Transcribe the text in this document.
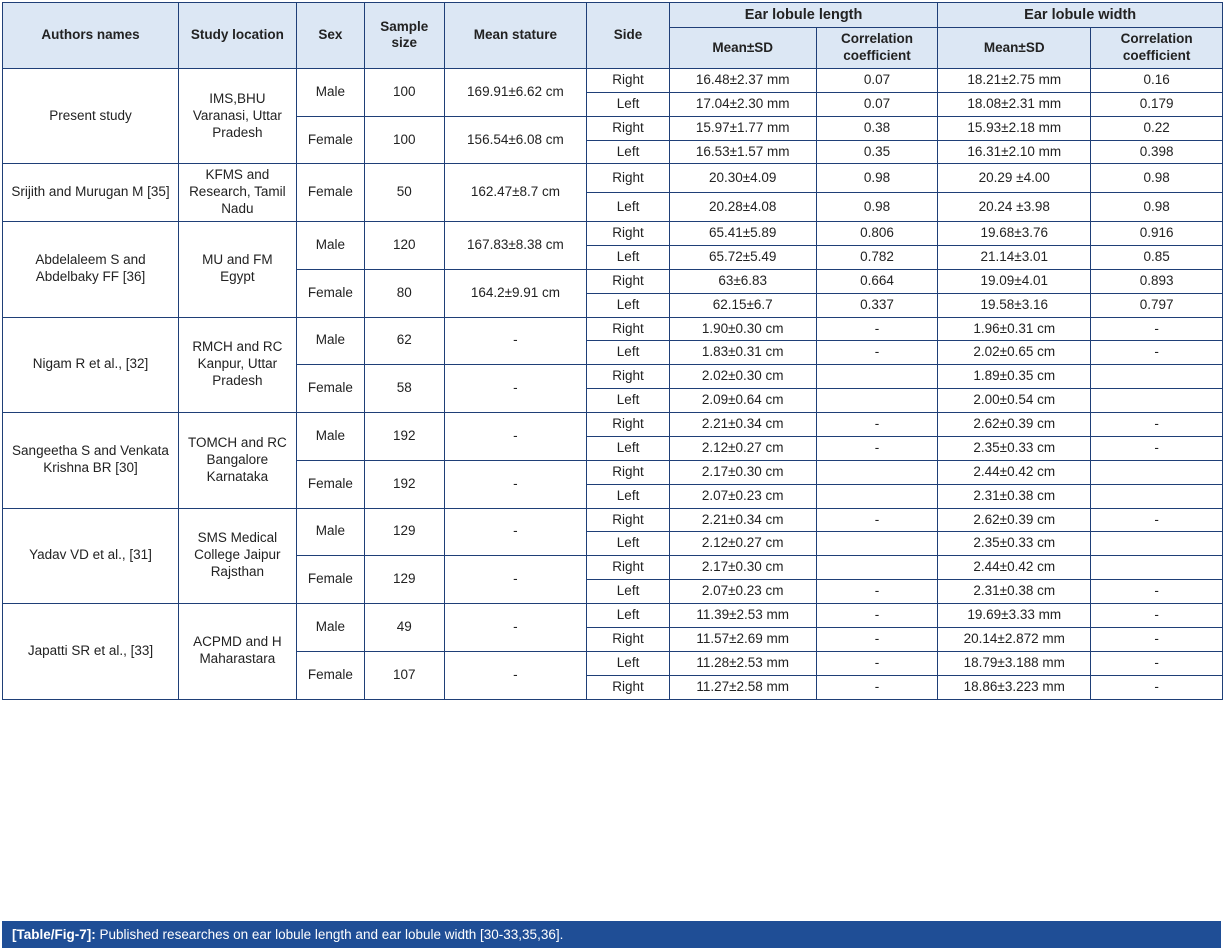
Authors names	Study location	Sex	Sample size	Mean stature	Side	Ear lobule length		Ear lobule width	
						Mean±SD	Correlation coefficient	Mean±SD	Correlation coefficient
Present study	IMS,BHU Varanasi, Uttar Pradesh	Male	100	169.91±6.62 cm	Right	16.48±2.37 mm	0.07	18.21±2.75 mm	0.16
					Left	17.04±2.30 mm	0.07	18.08±2.31 mm	0.179
		Female	100	156.54±6.08 cm	Right	15.97±1.77 mm	0.38	15.93±2.18 mm	0.22
					Left	16.53±1.57 mm	0.35	16.31±2.10 mm	0.398
Srijith and Murugan M [35]	KFMS and Research, Tamil Nadu	Female	50	162.47±8.7 cm	Right	20.30±4.09	0.98	20.29 ±4.00	0.98
					Left	20.28±4.08	0.98	20.24 ±3.98	0.98
Abdelaleem S and Abdelbaky FF [36]	MU and FM Egypt	Male	120	167.83±8.38 cm	Right	65.41±5.89	0.806	19.68±3.76	0.916
					Left	65.72±5.49	0.782	21.14±3.01	0.85
		Female	80	164.2±9.91 cm	Right	63±6.83	0.664	19.09±4.01	0.893
					Left	62.15±6.7	0.337	19.58±3.16	0.797
Nigam R et al., [32]	RMCH and RC Kanpur, Uttar Pradesh	Male	62	-	Right	1.90±0.30 cm	-	1.96±0.31 cm	-
					Left	1.83±0.31 cm	-	2.02±0.65 cm	-
		Female	58	-	Right	2.02±0.30 cm		1.89±0.35 cm	
					Left	2.09±0.64 cm		2.00±0.54 cm	
Sangeetha S and Venkata Krishna BR [30]	TOMCH and RC Bangalore Karnataka	Male	192	-	Right	2.21±0.34 cm	-	2.62±0.39 cm	-
					Left	2.12±0.27 cm	-	2.35±0.33 cm	-
		Female	192	-	Right	2.17±0.30 cm		2.44±0.42 cm	
					Left	2.07±0.23 cm		2.31±0.38 cm	
Yadav VD et al., [31]	SMS Medical College Jaipur Rajsthan	Male	129	-	Right	2.21±0.34 cm	-	2.62±0.39 cm	-
					Left	2.12±0.27 cm		2.35±0.33 cm	
		Female	129	-	Right	2.17±0.30 cm		2.44±0.42 cm	
					Left	2.07±0.23 cm	-	2.31±0.38 cm	-
Japatti SR et al., [33]	ACPMD and H Maharastara	Male	49	-	Left	11.39±2.53 mm	-	19.69±3.33 mm	-
					Right	11.57±2.69 mm	-	20.14±2.872 mm	-
		Female	107	-	Left	11.28±2.53 mm	-	18.79±3.188 mm	-
					Right	11.27±2.58 mm	-	18.86±3.223 mm	-
[Table/Fig-7]: Published researches on ear lobule length and ear lobule width [30-33,35,36].
